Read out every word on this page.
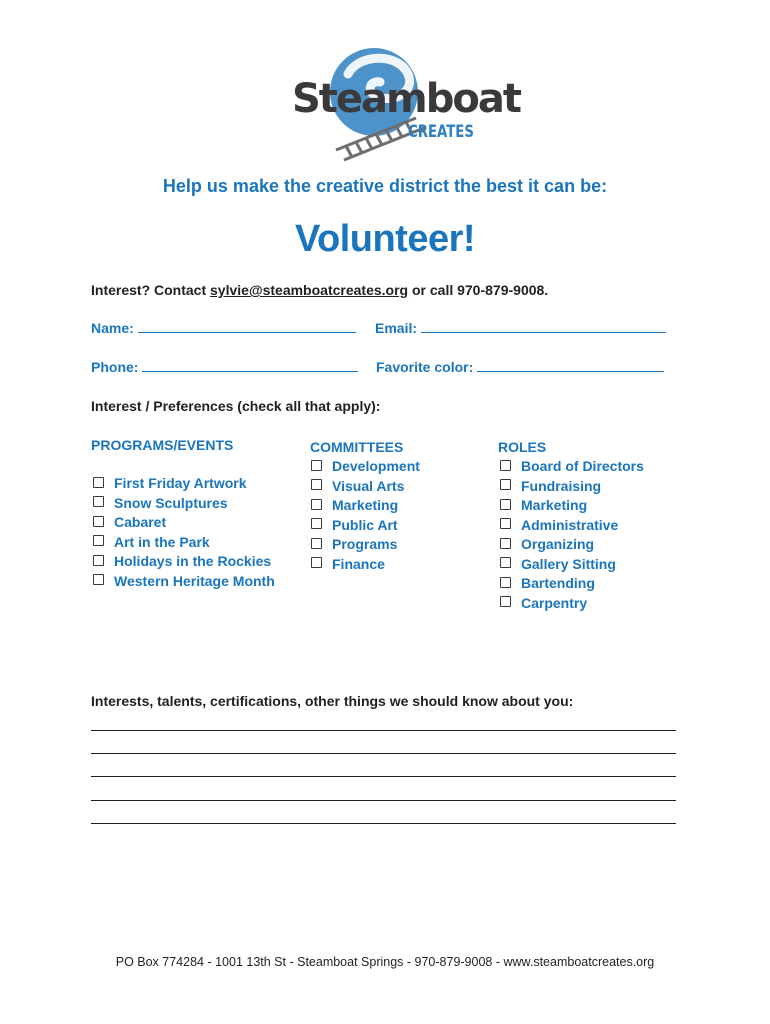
Steamboat
CREATES
Help us make the creative district the best it can be:
Volunteer!
Interest? Contact sylvie@steamboatcreates.org or call 970-879-9008.
Name:	Email:
Phone:	Favorite color:
Interest / Preferences (check all that apply):
PROGRAMS/EVENTS
First Friday Artwork
Snow Sculptures
Cabaret
Art in the Park
Holidays in the Rockies
Western Heritage Month
COMMITTEES
Development
Visual Arts
Marketing
Public Art
Programs
Finance
ROLES
Board of Directors
Fundraising
Marketing
Administrative
Organizing
Gallery Sitting
Bartending
Carpentry
Interests, talents, certifications, other things we should know about you:
PO Box 774284 - 1001 13th St - Steamboat Springs - 970-879-9008 - www.steamboatcreates.org
